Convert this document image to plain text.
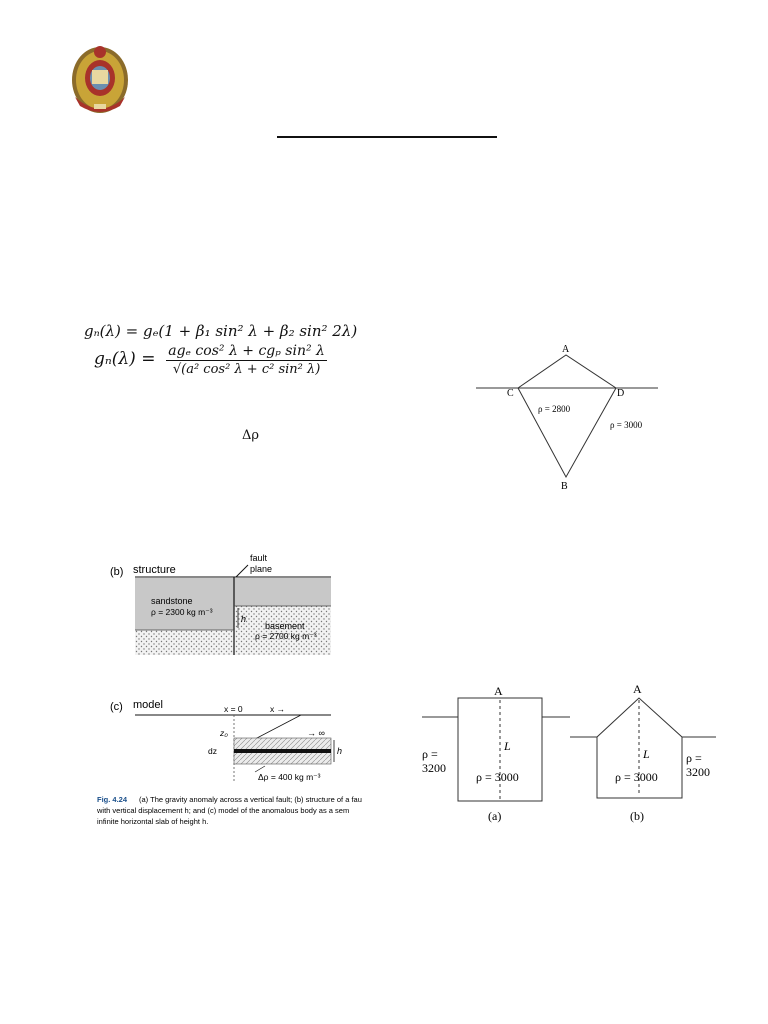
gₙ(λ) = gₑ(1 + β₁ sin² λ + β₂ sin² 2λ)
$g_n(\lambda) = \frac{\text{agₑ cos² λ + cgₚ sin² λ}}{\text{√(a² cos² λ + c² sin² λ)}}$
Δρ
A
C	D
B
ρ = 2800
ρ = 3000
(b) structure
fault
plane
h
sandstone
ρ = 2300 kg m⁻³
basement
ρ = 2700 kg m⁻³
(c) model	x = 0	x →
z₀
dz
→ ∞
h
Δρ = 400 kg m⁻³
Fig. 4.24 (a) The gravity anomaly across a vertical fault; (b) structure of a fau
with vertical displacement h; and (c) model of the anomalous body as a sem
infinite horizontal slab of height h.
A
L
ρ = 3000
ρ =
3200
(a)
A
L
ρ = 3000
ρ =
3200
(b)
